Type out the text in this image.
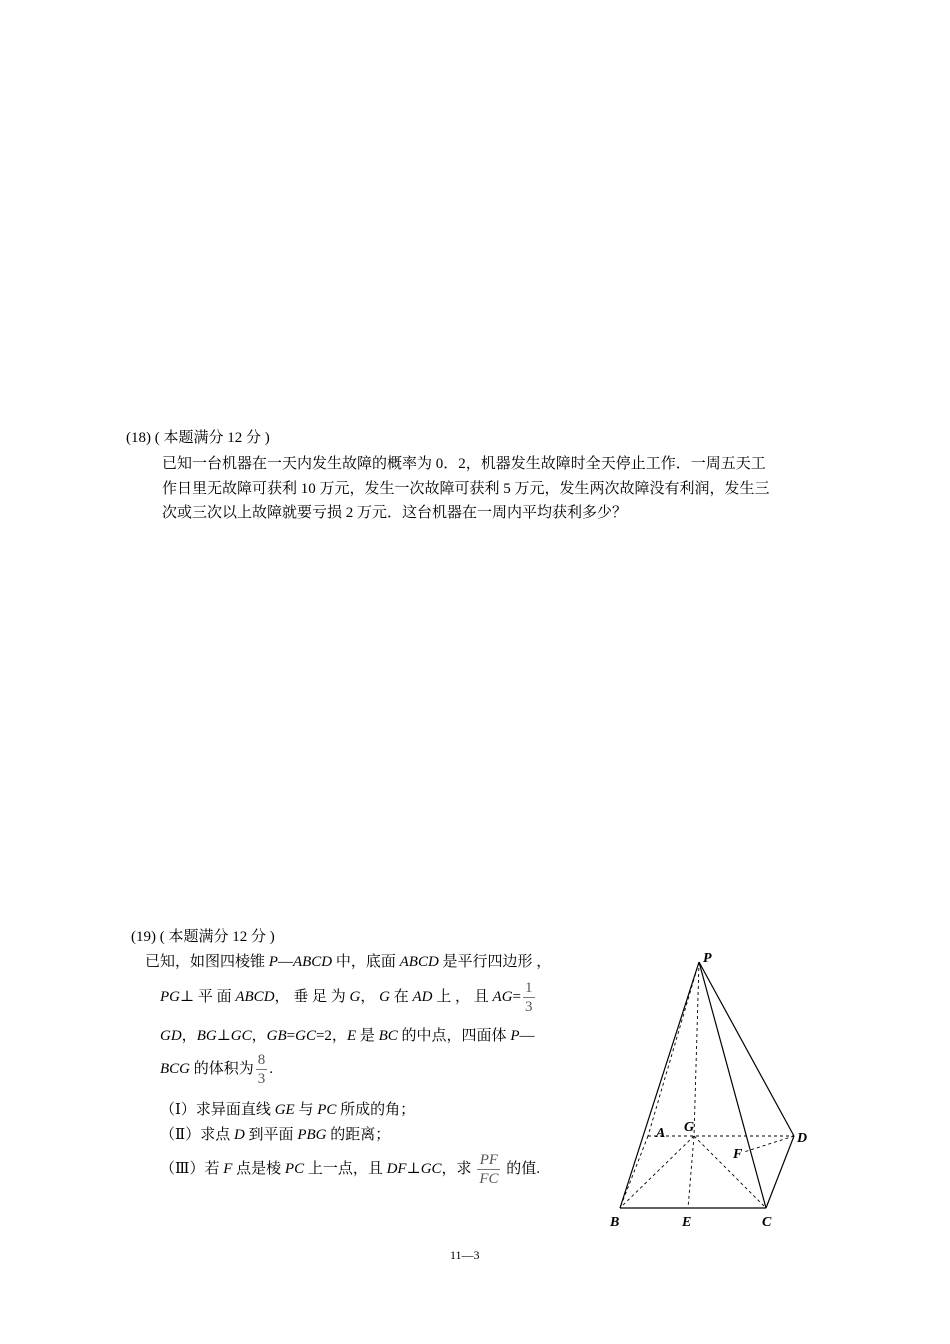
(18) ( 本题满分 12 分 )
已知一台机器在一天内发生故障的概率为 0．2，机器发生故障时全天停止工作．一周五天工
作日里无故障可获利 10 万元，发生一次故障可获利 5 万元，发生两次故障没有利润，发生三
次或三次以上故障就要亏损 2 万元．这台机器在一周内平均获利多少？
(19) ( 本题满分 12 分 )
已知，如图四棱锥 P—ABCD 中，底面 ABCD 是平行四边形 ，
PG⊥ 平 面 ABCD， 垂 足 为 G， G 在 AD 上 ， 且 $AG= \frac{1}{3}$
GD，BG⊥GC，GB=GC=2，E 是 BC 的中点，四面体 P—
BCG 的体积为 $\frac{8}{3}$ .
（Ⅰ）求异面直线 GE 与 PC 所成的角；
（Ⅱ）求点 D 到平面 PBG 的距离；
（Ⅲ）若 F 点是棱 PC 上一点，且 DF⊥GC，求 $\frac{PF}{FC}$ 的值.
P
A G
D
F
B	E	C
11—3
